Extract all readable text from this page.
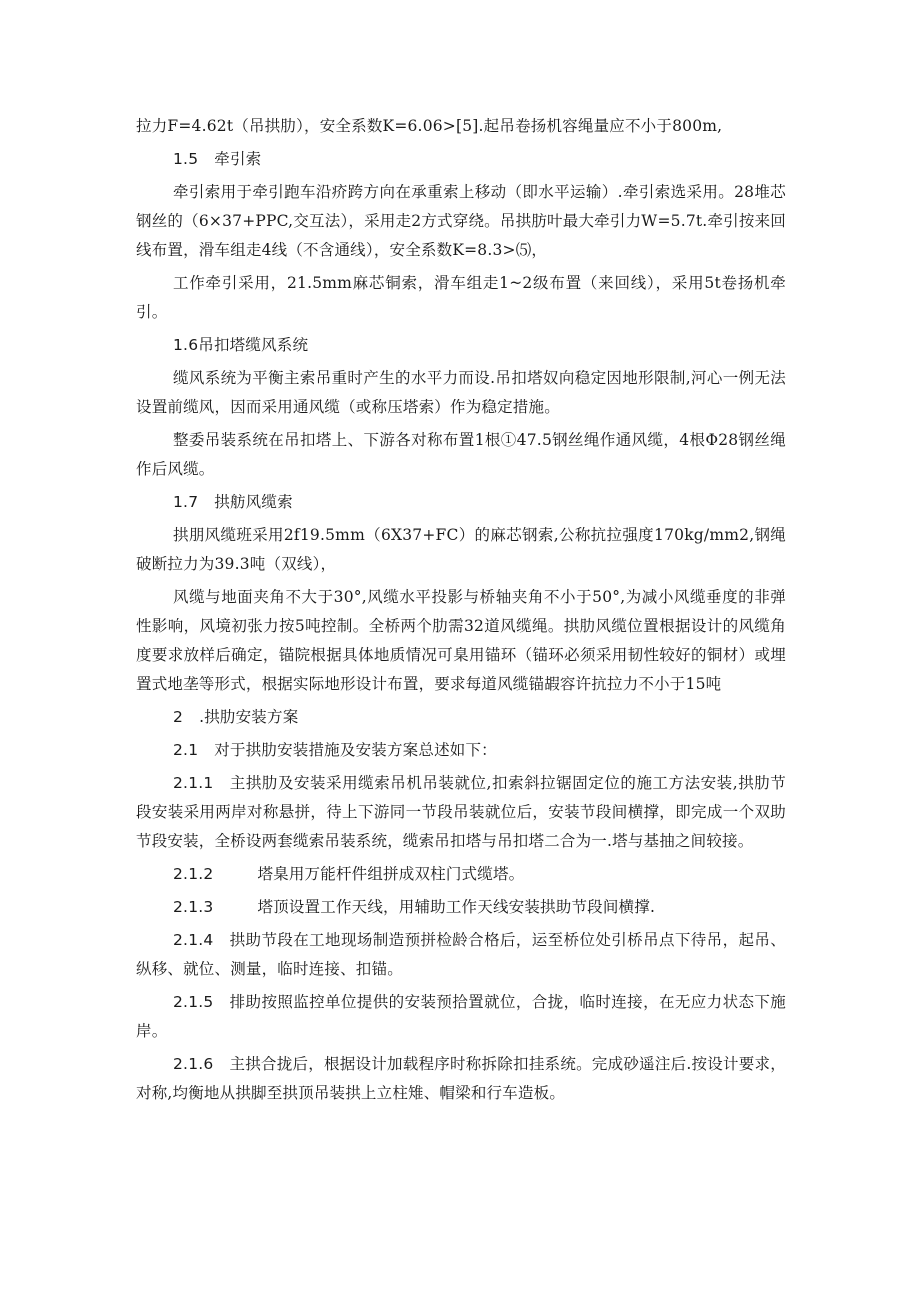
拉力F=4.62t（吊拱肋），安全系数K=6.06>[5].起吊卷扬机容绳量应不小于800m,

1.5 牵引索

牵引索用于牵引跑车沿疥跨方向在承重索上移动（即水平运输）.牵引索选采用。28堆芯钢丝的（6×37+PPC,交互法），采用走2方式穿绕。吊拱肪叶最大牵引力W=5.7t.牵引按来回线布置，滑车组走4线（不含通线），安全系数K=8.3>⑸，

工作牵引采用，21.5mm麻芯铜索，滑车组走1~2级布置（来回线），采用5t卷扬机牵引。

1.6吊扣塔缆风系统

缆风系统为平衡主索吊重时产生的水平力而设.吊扣塔奴向稳定因地形限制,河心一例无法设置前缆风，因而采用通风缆（或称压塔索）作为稳定措施。

整委吊装系统在吊扣塔上、下游各对称布置1根①47.5钢丝绳作通风缆，4根Φ28钢丝绳作后风缆。

1.7 拱舫风缆索

拱朋风缆班采用2f19.5mm（6X37+FC）的麻芯钢索,公称抗拉强度170kg/mm2,钢绳破断拉力为39.3吨（双线），

风缆与地面夹角不大于30°,风缆水平投影与桥轴夹角不小于50°,为减小风缆垂度的非弹性影响，风境初张力按5吨控制。全桥两个肋需32道风缆绳。拱肋风缆位置根据设计的风缆角度要求放样后确定，锚院根据具体地质情况可臬用锚环（锚环必须采用韧性较好的铜材）或埋置式地垄等形式，根据实际地形设计布置，要求每道风缆锚嘏容许抗拉力不小于15吨

2 .拱肋安装方案

2.1 对于拱肋安装措施及安装方案总述如下：

2.1.1 主拱肋及安装采用缆索吊机吊装就位,扣索斜拉锯固定位的施工方法安装,拱肋节段安装采用两岸对称悬拼，待上下游同一节段吊装就位后，安装节段间横撑，即完成一个双助节段安装，全桥设两套缆索吊装系统，缆索吊扣塔与吊扣塔二合为一.塔与基抽之间较接。

2.1.2	塔臬用万能杆件组拼成双柱门式缆塔。

2.1.3	塔顶设置工作天线，用辅助工作天线安装拱助节段间横撑.

2.1.4 拱助节段在工地现场制造预拼检龄合格后，运至桥位处引桥吊点下待吊，起吊、纵移、就位、测量，临时连接、扣锚。

2.1.5 排助按照监控单位提供的安装预拾置就位，合拢，临时连接，在无应力状态下施岸。

2.1.6 主拱合拢后，根据设计加载程序时称拆除扣挂系统。完成砂遥注后.按设计要求，对称,均衡地从拱脚至拱顶吊装拱上立柱雉、帽梁和行车造板。
